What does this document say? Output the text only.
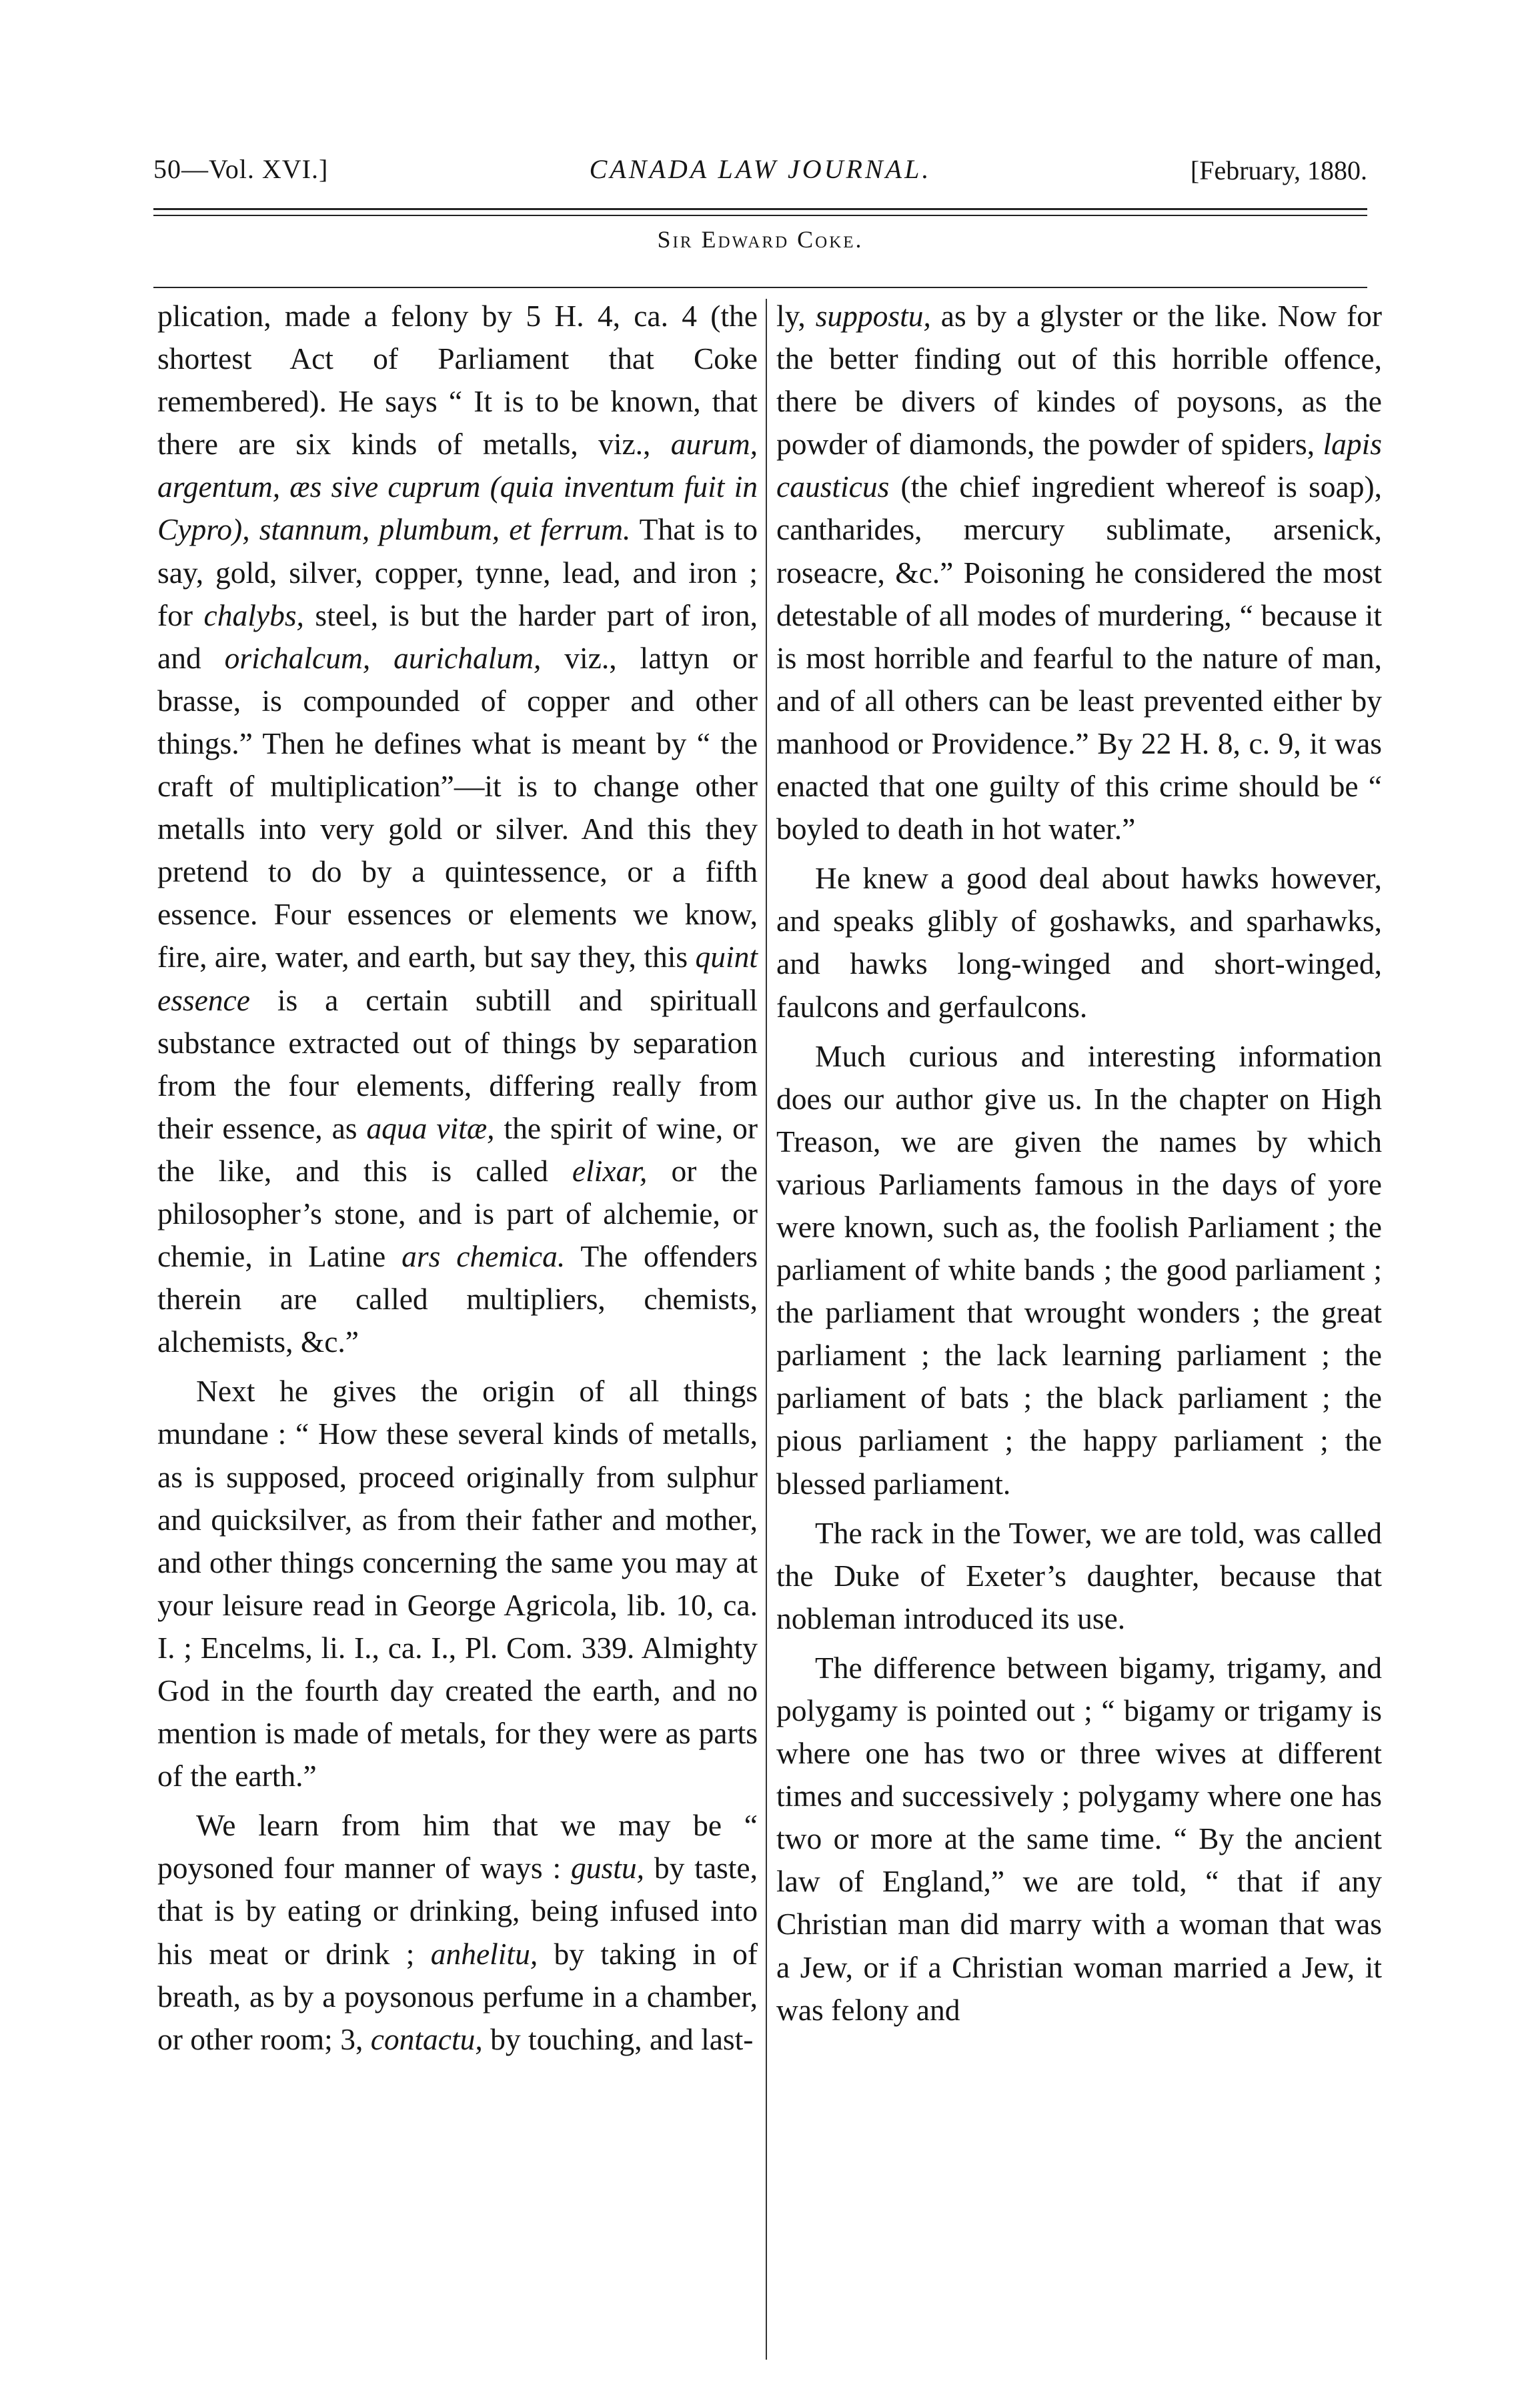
50—Vol. XVI.]	CANADA LAW JOURNAL.	[February, 1880.
Sir Edward Coke.

plication, made a felony by 5 H. 4, ca. 4 (the shortest Act of Parliament that Coke remembered). He says “ It is to be known, that there are six kinds of metalls, viz., aurum, argentum, æs sive cuprum (quia inventum fuit in Cypro), stannum, plumbum, et ferrum. That is to say, gold, silver, copper, tynne, lead, and iron ; for chalybs, steel, is but the harder part of iron, and orichalcum, aurichalum, viz., lattyn or brasse, is compounded of copper and other things.” Then he defines what is meant by “ the craft of multiplication”—it is to change other metalls into very gold or silver. And this they pretend to do by a quintessence, or a fifth essence. Four essences or elements we know, fire, aire, water, and earth, but say they, this quint essence is a certain subtill and spirituall substance extracted out of things by separation from the four elements, differing really from their essence, as aqua vitæ, the spirit of wine, or the like, and this is called elixar, or the philosopher’s stone, and is part of alchemie, or chemie, in Latine ars chemica. The offenders therein are called multipliers, chemists, alchemists, &c.”

Next he gives the origin of all things mundane : “ How these several kinds of metalls, as is supposed, proceed originally from sulphur and quicksilver, as from their father and mother, and other things concerning the same you may at your leisure read in George Agricola, lib. 10, ca. I. ; Encelms, li. I., ca. I., Pl. Com. 339. Almighty God in the fourth day created the earth, and no mention is made of metals, for they were as parts of the earth.”

We learn from him that we may be “ poysoned four manner of ways : gustu, by taste, that is by eating or drinking, being infused into his meat or drink ; anhelitu, by taking in of breath, as by a poysonous perfume in a chamber, or other room; 3, contactu, by touching, and last-

ly, suppostu, as by a glyster or the like. Now for the better finding out of this horrible offence, there be divers of kindes of poysons, as the powder of diamonds, the powder of spiders, lapis causticus (the chief ingredient whereof is soap), cantharides, mercury sublimate, arsenick, roseacre, &c.” Poisoning he considered the most detestable of all modes of murdering, “ because it is most horrible and fearful to the nature of man, and of all others can be least prevented either by manhood or Providence.” By 22 H. 8, c. 9, it was enacted that one guilty of this crime should be “ boyled to death in hot water.”

He knew a good deal about hawks however, and speaks glibly of goshawks, and sparhawks, and hawks long-winged and short-winged, faulcons and gerfaulcons.

Much curious and interesting information does our author give us. In the chapter on High Treason, we are given the names by which various Parliaments famous in the days of yore were known, such as, the foolish Parliament ; the parliament of white bands ; the good parliament ; the parliament that wrought wonders ; the great parliament ; the lack learning parliament ; the parliament of bats ; the black parliament ; the pious parliament ; the happy parliament ; the blessed parliament.

The rack in the Tower, we are told, was called the Duke of Exeter’s daughter, because that nobleman introduced its use.

The difference between bigamy, trigamy, and polygamy is pointed out ; “ bigamy or trigamy is where one has two or three wives at different times and successively ; polygamy where one has two or more at the same time. “ By the ancient law of England,” we are told, “ that if any Christian man did marry with a woman that was a Jew, or if a Christian woman married a Jew, it was felony and
